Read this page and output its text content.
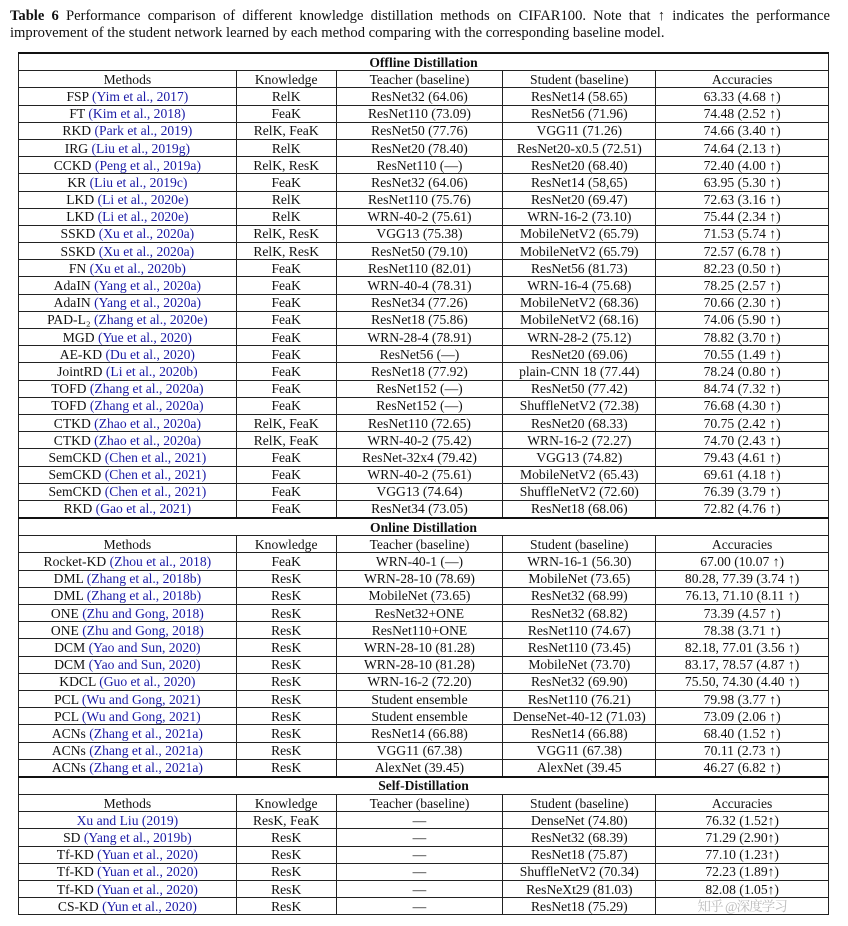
Table 6 Performance comparison of different knowledge distillation methods on CIFAR100. Note that ↑ indicates the performance improvement of the student network learned by each method comparing with the corresponding baseline model.
Offline Distillation				
Methods	Knowledge	Teacher (baseline)	Student (baseline)	Accuracies
FSP (Yim et al., 2017)	RelK	ResNet32 (64.06)	ResNet14 (58.65)	63.33 (4.68 ↑)
FT (Kim et al., 2018)	FeaK	ResNet110 (73.09)	ResNet56 (71.96)	74.48 (2.52 ↑)
RKD (Park et al., 2019)	RelK, FeaK	ResNet50 (77.76)	VGG11 (71.26)	74.66 (3.40 ↑)
IRG (Liu et al., 2019g)	RelK	ResNet20 (78.40)	ResNet20-x0.5 (72.51)	74.64 (2.13 ↑)
CCKD (Peng et al., 2019a)	RelK, ResK	ResNet110 (—)	ResNet20 (68.40)	72.40 (4.00 ↑)
KR (Liu et al., 2019c)	FeaK	ResNet32 (64.06)	ResNet14 (58,65)	63.95 (5.30 ↑)
LKD (Li et al., 2020e)	RelK	ResNet110 (75.76)	ResNet20 (69.47)	72.63 (3.16 ↑)
LKD (Li et al., 2020e)	RelK	WRN-40-2 (75.61)	WRN-16-2 (73.10)	75.44 (2.34 ↑)
SSKD (Xu et al., 2020a)	RelK, ResK	VGG13 (75.38)	MobileNetV2 (65.79)	71.53 (5.74 ↑)
SSKD (Xu et al., 2020a)	RelK, ResK	ResNet50 (79.10)	MobileNetV2 (65.79)	72.57 (6.78 ↑)
FN (Xu et al., 2020b)	FeaK	ResNet110 (82.01)	ResNet56 (81.73)	82.23 (0.50 ↑)
AdaIN (Yang et al., 2020a)	FeaK	WRN-40-4 (78.31)	WRN-16-4 (75.68)	78.25 (2.57 ↑)
AdaIN (Yang et al., 2020a)	FeaK	ResNet34 (77.26)	MobileNetV2 (68.36)	70.66 (2.30 ↑)
PAD-L₂ (Zhang et al., 2020e)	FeaK	ResNet18 (75.86)	MobileNetV2 (68.16)	74.06 (5.90 ↑)
MGD (Yue et al., 2020)	FeaK	WRN-28-4 (78.91)	WRN-28-2 (75.12)	78.82 (3.70 ↑)
AE-KD (Du et al., 2020)	FeaK	ResNet56 (—)	ResNet20 (69.06)	70.55 (1.49 ↑)
JointRD (Li et al., 2020b)	FeaK	ResNet18 (77.92)	plain-CNN 18 (77.44)	78.24 (0.80 ↑)
TOFD (Zhang et al., 2020a)	FeaK	ResNet152 (—)	ResNet50 (77.42)	84.74 (7.32 ↑)
TOFD (Zhang et al., 2020a)	FeaK	ResNet152 (—)	ShuffleNetV2 (72.38)	76.68 (4.30 ↑)
CTKD (Zhao et al., 2020a)	RelK, FeaK	ResNet110 (72.65)	ResNet20 (68.33)	70.75 (2.42 ↑)
CTKD (Zhao et al., 2020a)	RelK, FeaK	WRN-40-2 (75.42)	WRN-16-2 (72.27)	74.70 (2.43 ↑)
SemCKD (Chen et al., 2021)	FeaK	ResNet-32x4 (79.42)	VGG13 (74.82)	79.43 (4.61 ↑)
SemCKD (Chen et al., 2021)	FeaK	WRN-40-2 (75.61)	MobileNetV2 (65.43)	69.61 (4.18 ↑)
SemCKD (Chen et al., 2021)	FeaK	VGG13 (74.64)	ShuffleNetV2 (72.60)	76.39 (3.79 ↑)
RKD (Gao et al., 2021)	FeaK	ResNet34 (73.05)	ResNet18 (68.06)	72.82 (4.76 ↑)
Online Distillation				
Methods	Knowledge	Teacher (baseline)	Student (baseline)	Accuracies
Rocket-KD (Zhou et al., 2018)	FeaK	WRN-40-1 (—)	WRN-16-1 (56.30)	67.00 (10.07 ↑)
DML (Zhang et al., 2018b)	ResK	WRN-28-10 (78.69)	MobileNet (73.65)	80.28, 77.39 (3.74 ↑)
DML (Zhang et al., 2018b)	ResK	MobileNet (73.65)	ResNet32 (68.99)	76.13, 71.10 (8.11 ↑)
ONE (Zhu and Gong, 2018)	ResK	ResNet32+ONE	ResNet32 (68.82)	73.39 (4.57 ↑)
ONE (Zhu and Gong, 2018)	ResK	ResNet110+ONE	ResNet110 (74.67)	78.38 (3.71 ↑)
DCM (Yao and Sun, 2020)	ResK	WRN-28-10 (81.28)	ResNet110 (73.45)	82.18, 77.01 (3.56 ↑)
DCM (Yao and Sun, 2020)	ResK	WRN-28-10 (81.28)	MobileNet (73.70)	83.17, 78.57 (4.87 ↑)
KDCL (Guo et al., 2020)	ResK	WRN-16-2 (72.20)	ResNet32 (69.90)	75.50, 74.30 (4.40 ↑)
PCL (Wu and Gong, 2021)	ResK	Student ensemble	ResNet110 (76.21)	79.98 (3.77 ↑)
PCL (Wu and Gong, 2021)	ResK	Student ensemble	DenseNet-40-12 (71.03)	73.09 (2.06 ↑)
ACNs (Zhang et al., 2021a)	ResK	ResNet14 (66.88)	ResNet14 (66.88)	68.40 (1.52 ↑)
ACNs (Zhang et al., 2021a)	ResK	VGG11 (67.38)	VGG11 (67.38)	70.11 (2.73 ↑)
ACNs (Zhang et al., 2021a)	ResK	AlexNet (39.45)	AlexNet (39.45	46.27 (6.82 ↑)
Self-Distillation				
Methods	Knowledge	Teacher (baseline)	Student (baseline)	Accuracies
Xu and Liu (2019)	ResK, FeaK	—	DenseNet (74.80)	76.32 (1.52↑)
SD (Yang et al., 2019b)	ResK	—	ResNet32 (68.39)	71.29 (2.90↑)
Tf-KD (Yuan et al., 2020)	ResK	—	ResNet18 (75.87)	77.10 (1.23↑)
Tf-KD (Yuan et al., 2020)	ResK	—	ShuffleNetV2 (70.34)	72.23 (1.89↑)
Tf-KD (Yuan et al., 2020)	ResK	—	ResNeXt29 (81.03)	82.08 (1.05↑)
CS-KD (Yun et al., 2020)	ResK	—	ResNet18 (75.29)	知乎 @深度学习
